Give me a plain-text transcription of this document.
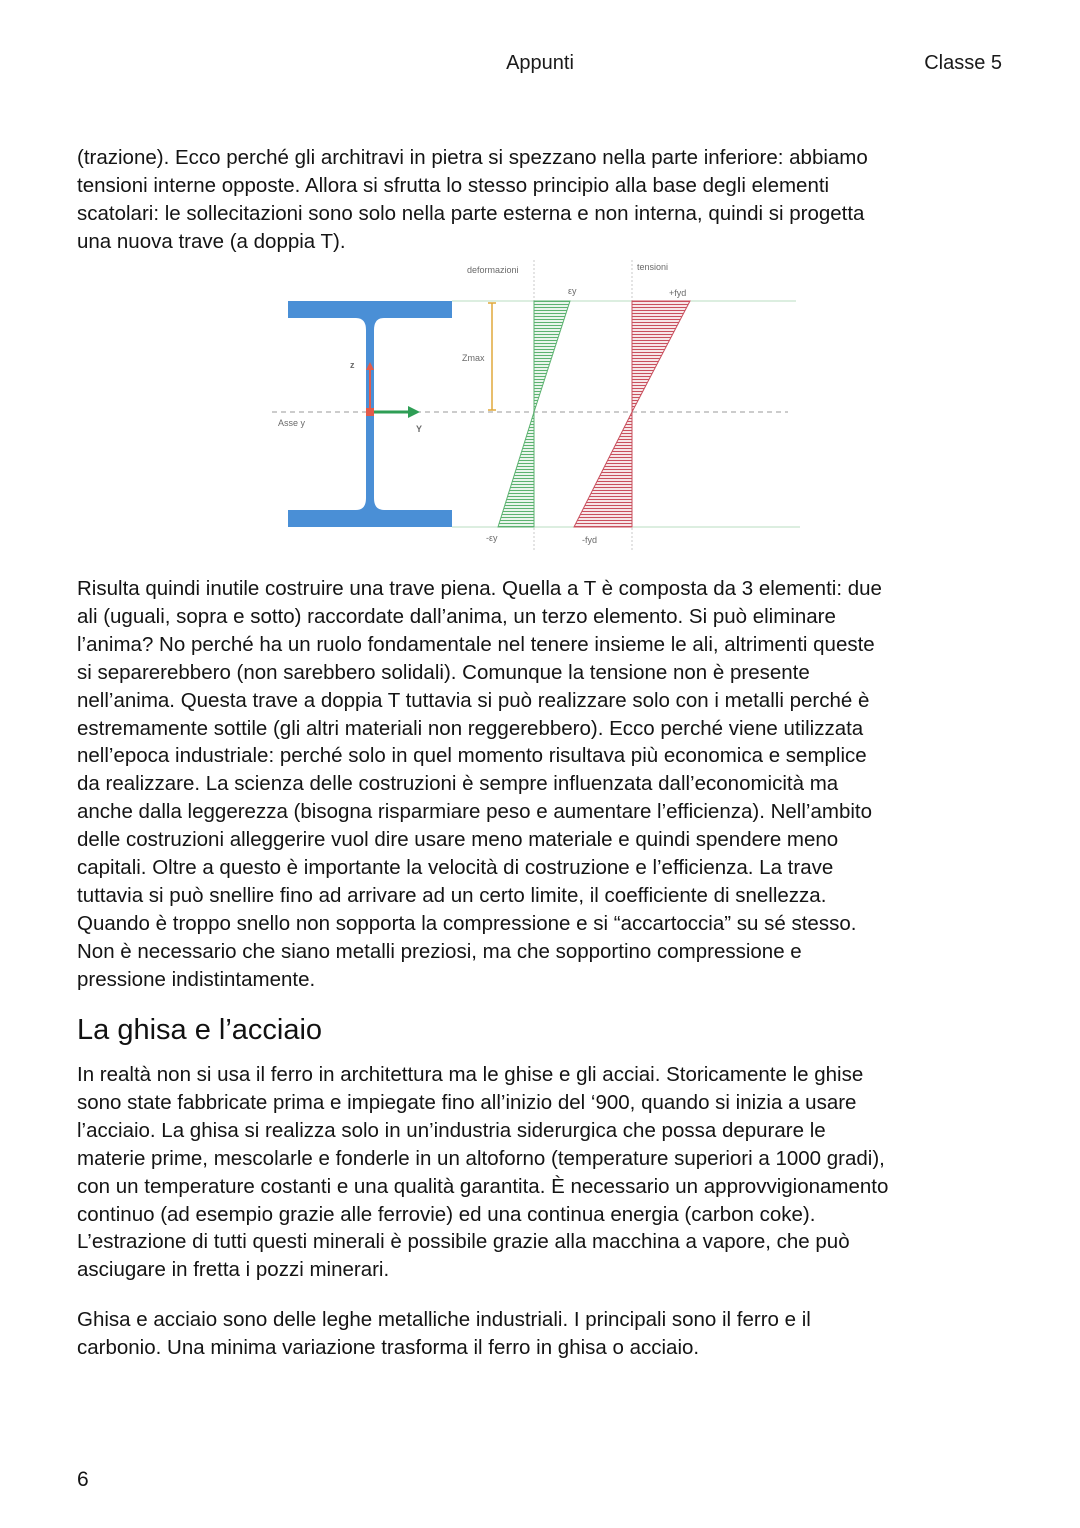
Appunti	Classe 5
(trazione). Ecco perché gli architravi in pietra si spezzano nella parte inferiore: abbiamo
tensioni interne opposte. Allora si sfrutta lo stesso principio alla base degli elementi
scatolari: le sollecitazioni sono solo nella parte esterna e non interna, quindi si progetta
una nuova trave (a doppia T).
deformazioni	tensioni
εy	+fyd
Zmax
z
Asse y
Y
-εy	-fyd
Risulta quindi inutile costruire una trave piena. Quella a T è composta da 3 elementi: due
ali (uguali, sopra e sotto) raccordate dall’anima, un terzo elemento. Si può eliminare
l’anima? No perché ha un ruolo fondamentale nel tenere insieme le ali, altrimenti queste
si separerebbero (non sarebbero solidali). Comunque la tensione non è presente
nell’anima. Questa trave a doppia T tuttavia si può realizzare solo con i metalli perché è
estremamente sottile (gli altri materiali non reggerebbero). Ecco perché viene utilizzata
nell’epoca industriale: perché solo in quel momento risultava più economica e semplice
da realizzare. La scienza delle costruzioni è sempre influenzata dall’economicità ma
anche dalla leggerezza (bisogna risparmiare peso e aumentare l’efficienza). Nell’ambito
delle costruzioni alleggerire vuol dire usare meno materiale e quindi spendere meno
capitali. Oltre a questo è importante la velocità di costruzione e l’efficienza. La trave
tuttavia si può snellire fino ad arrivare ad un certo limite, il coefficiente di snellezza.
Quando è troppo snello non sopporta la compressione e si “accartoccia” su sé stesso.
Non è necessario che siano metalli preziosi, ma che sopportino compressione e
pressione indistintamente.
La ghisa e l’acciaio
In realtà non si usa il ferro in architettura ma le ghise e gli acciai. Storicamente le ghise
sono state fabbricate prima e impiegate fino all’inizio del ‘900, quando si inizia a usare
l’acciaio. La ghisa si realizza solo in un’industria siderurgica che possa depurare le
materie prime, mescolarle e fonderle in un altoforno (temperature superiori a 1000 gradi),
con un temperature costanti e una qualità garantita. È necessario un approvvigionamento
continuo (ad esempio grazie alle ferrovie) ed una continua energia (carbon coke).
L’estrazione di tutti questi minerali è possibile grazie alla macchina a vapore, che può
asciugare in fretta i pozzi minerari.
Ghisa e acciaio sono delle leghe metalliche industriali. I principali sono il ferro e il
carbonio. Una minima variazione trasforma il ferro in ghisa o acciaio.
6
